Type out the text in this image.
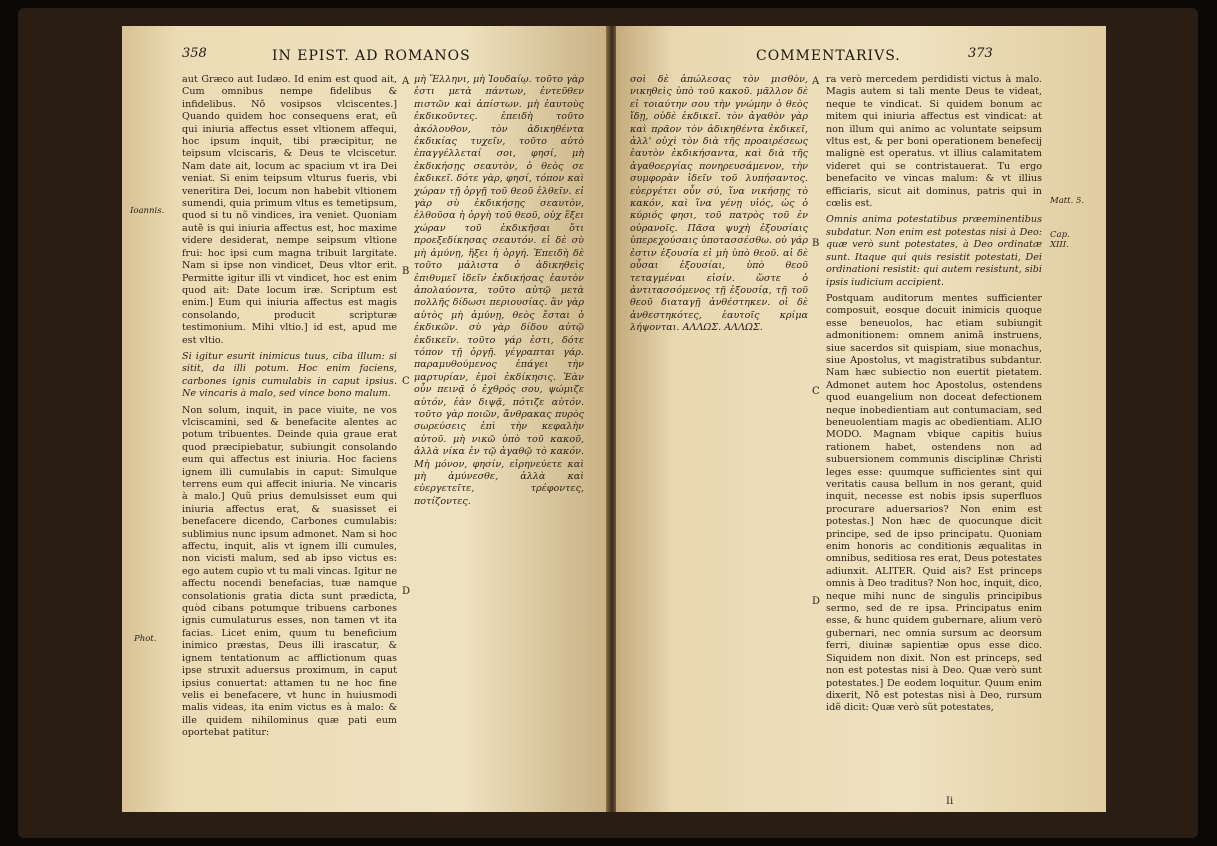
358	IN EPIST. AD ROMANOS

aut Græco aut Iudæo. Id enim est quod ait, Cum omnibus nempe fidelibus & infidelibus. Nõ vosipsos vlciscentes.] Quando quidem hoc consequens erat, eũ qui iniuria affectus esset vltionem affequi, hoc ipsum inquit, tibi præcipitur, ne teipsum vlciscaris, & Deus te vlciscetur. Nam date ait, locum ac spacium vt ira Dei veniat. Si enim teipsum vlturus fueris, vbi veneritira Dei, locum non habebit vltionem sumendi, quia primum vltus es temetipsum, quod si tu nõ vindices, ira veniet. Quoniam autẽ is qui iniuria affectus est, hoc maxime videre desiderat, nempe seipsum vltione frui: hoc ipsi cum magna tribuit largitate. Nam si ipse non vindicet, Deus vltor erit. Permitte igitur illi vt vindicet, hoc est enim quod ait: Date locum iræ. Scriptum est enim.] Eum qui iniuria affectus est magis consolando, producit scripturæ testimonium. Mihi vltio.] id est, apud me est vltio.

Si igitur esurit inimicus tuus, ciba illum: si sitit, da illi potum. Hoc enim faciens, carbones ignis cumulabis in caput ipsius. Ne vincaris à malo, sed vince bono malum.

Non solum, inquit, in pace viuite, ne vos vlciscamini, sed & benefacite alentes ac potum tribuentes. Deinde quia graue erat quod præcipiebatur, subiungit consolando eum qui affectus est iniuria. Hoc faciens ignem illi cumulabis in caput: Simulque terrens eum qui affecit iniuria. Ne vincaris à malo.] Quũ prius demulsisset eum qui iniuria affectus erat, & suasisset ei benefacere dicendo, Carbones cumulabis: sublimius nunc ipsum admonet. Nam si hoc affectu, inquit, alis vt ignem illi cumules, non vicisti malum, sed ab ipso victus es: ego autem cupio vt tu mali vincas. Igitur ne affectu nocendi benefacias, tuæ namque consolationis gratia dicta sunt prædicta, quòd cibans potumque tribuens carbones ignis cumulaturus esses, non tamen vt ita facias. Licet enim, quum tu beneficium inimico præstas, Deus illi irascatur, & ignem tentationum ac afflictionum quas ipse struxit aduersus proximum, in caput ipsius conuertat: attamen tu ne hoc fine velis ei benefacere, vt hunc in huiusmodi malis videas, ita enim victus es à malo: & ille quidem nihilominus quæ pati eum oportebat patitur:

A
B
C
D
μὴ Ἕλληνι, μὴ Ἰουδαίῳ. τοῦτο γὰρ ἐστι μετὰ πάντων, ἐντεῦθεν πιστῶν καὶ ἀπίστων. μὴ ἑαυτοὺς ἐκδικοῦντες. ἐπειδὴ τοῦτο ἀκόλουθον, τὸν ἀδικηθέντα ἐκδικίας τυχεῖν, τοῦτο αὐτὸ ἐπαγγέλλεταί σοι, φησί, μὴ ἐκδικήσῃς σεαυτὸν, ὁ θεὸς σε ἐκδικεῖ. δότε γὰρ, φησί, τόπον καὶ χώραν τῇ ὀργῇ τοῦ θεοῦ ἐλθεῖν. εἰ γὰρ σὺ ἐκδικήσῃς σεαυτὸν, ἐλθοῦσα ἡ ὀργὴ τοῦ θεοῦ, οὐχ ἕξει χώραν τοῦ ἐκδικῆσαι ὅτι προεξεδίκησας σεαυτόν. εἰ δὲ σὺ μὴ ἀμύνῃ, ἥξει ἡ ὀργή. Ἐπειδὴ δὲ τοῦτο μάλιστα ὁ ἀδικηθεὶς ἐπιθυμεῖ ἰδεῖν ἐκδικήσας ἑαυτὸν ἀπολαύοντα, τοῦτο αὐτῷ μετὰ πολλῆς δίδωσι περιουσίας. ἂν γὰρ αὐτὸς μὴ ἀμύνῃ, θεὸς ἔσται ὁ ἐκδικῶν. σὺ γὰρ δίδου αὐτῷ ἐκδικεῖν. τοῦτο γάρ ἐστι, δότε τόπον τῇ ὀργῇ. γέγραπται γάρ. παραμυθούμενος ἐπάγει τὴν μαρτυρίαν, ἐμοὶ ἐκδίκησις. Ἐὰν οὖν πεινᾷ ὁ ἐχθρός σου, ψώμιζε αὐτόν, ἐὰν διψᾷ, πότιζε αὐτόν. τοῦτο γὰρ ποιῶν, ἄνθρακας πυρὸς σωρεύσεις ἐπὶ τὴν κεφαλὴν αὐτοῦ. μὴ νικῶ ὑπὸ τοῦ κακοῦ, ἀλλὰ νίκα ἐν τῷ ἀγαθῷ τὸ κακόν. Μὴ μόνον, φησίν, εἰρηνεύετε καὶ μὴ ἀμύνεσθε, ἀλλὰ καὶ εὐεργετεῖτε, τρέφοντες, ποτίζοντες.
Ioannis.
Phot.
COMMENTARIVS.	373
σοὶ δὲ ἀπώλεσας τὸν μισθὸν, νικηθεὶς ὑπὸ τοῦ κακοῦ. μᾶλλον δὲ εἰ τοιαύτην σου τὴν γνώμην ὁ θεὸς ἴδῃ, οὐδὲ ἐκδικεῖ. τὸν ἀγαθὸν γὰρ καὶ πρᾶον τὸν ἀδικηθέντα ἐκδικεῖ, ἀλλ' οὐχὶ τὸν διὰ τῆς προαιρέσεως ἑαυτὸν ἐκδικήσαντα, καὶ διὰ τῆς ἀγαθοεργίας πονηρευσάμενον, τὴν συμφορὰν ἰδεῖν τοῦ λυπήσαντος. εὐεργέτει οὖν σύ, ἵνα νικήσῃς τὸ κακόν, καὶ ἵνα γένῃ υἱός, ὡς ὁ κύριός φησι, τοῦ πατρὸς τοῦ ἐν οὐρανοῖς. Πᾶσα ψυχὴ ἐξουσίαις ὑπερεχούσαις ὑποτασσέσθω. οὐ γάρ ἐστιν ἐξουσία εἰ μὴ ὑπὸ θεοῦ. αἱ δὲ οὖσαι ἐξουσίαι, ὑπὸ θεοῦ τεταγμέναι εἰσίν. ὥστε ὁ ἀντιτασσόμενος τῇ ἐξουσίᾳ, τῇ τοῦ θεοῦ διαταγῇ ἀνθέστηκεν. οἱ δὲ ἀνθεστηκότες, ἑαυτοῖς κρίμα λήψονται. ΑΛΛΩΣ. ΑΛΛΩΣ.
A
B
C
D

ra verò mercedem perdidisti victus à malo. Magis autem si tali mente Deus te videat, neque te vindicat. Si quidem bonum ac mitem qui iniuria affectus est vindicat: at non illum qui animo ac voluntate seipsum vltus est, & per boni operationem benefecij malignè est operatus. vt illius calamitatem videret qui se contristauerat. Tu ergo benefacito ve vincas malum: & vt illius efficiaris, sicut ait dominus, patris qui in cœlis est.

Omnis anima potestatibus præeminentibus subdatur. Non enim est potestas nisi à Deo: quæ verò sunt potestates, à Deo ordinatæ sunt. Itaque qui quis resistit potestati, Dei ordinationi resistit: qui autem resistunt, sibi ipsis iudicium accipient.

Postquam auditorum mentes sufficienter composuit, eosque docuit inimicis quoque esse beneuolos, hac etiam subiungit admonitionem: omnem animã instruens, siue sacerdos sit quispiam, siue monachus, siue Apostolus, vt magistratibus subdantur. Nam hæc subiectio non euertit pietatem. Admonet autem hoc Apostolus, ostendens quod euangelium non doceat defectionem neque inobedientiam aut contumaciam, sed beneuolentiam magis ac obedientiam. ALIO MODO. Magnam vbique capitis huius rationem habet, ostendens non ad subuersionem communis disciplinæ Christi leges esse: quumque sufficientes sint qui veritatis causa bellum in nos gerant, quid inquit, necesse est nobis ipsis superfluos procurare aduersarios? Non enim est potestas.] Non hæc de quocunque dicit principe, sed de ipso principatu. Quoniam enim honoris ac conditionis æqualitas in omnibus, seditiosa res erat, Deus potestates adiunxit. ALITER. Quid ais? Est princeps omnis à Deo traditus? Non hoc, inquit, dico, neque mihi nunc de singulis principibus sermo, sed de re ipsa. Principatus enim esse, & hunc quidem gubernare, alium verò gubernari, nec omnia sursum ac deorsum ferri, diuinæ sapientiæ opus esse dico. Siquidem non dixit. Non est princeps, sed non est potestas nisi à Deo. Quæ verò sunt potestates.] De eodem loquitur. Quum enim dixerit, Nõ est potestas nisi à Deo, rursum idẽ dicit: Quæ verò sũt potestates,

Matt. 5.
Cap. XIII.
Ii
